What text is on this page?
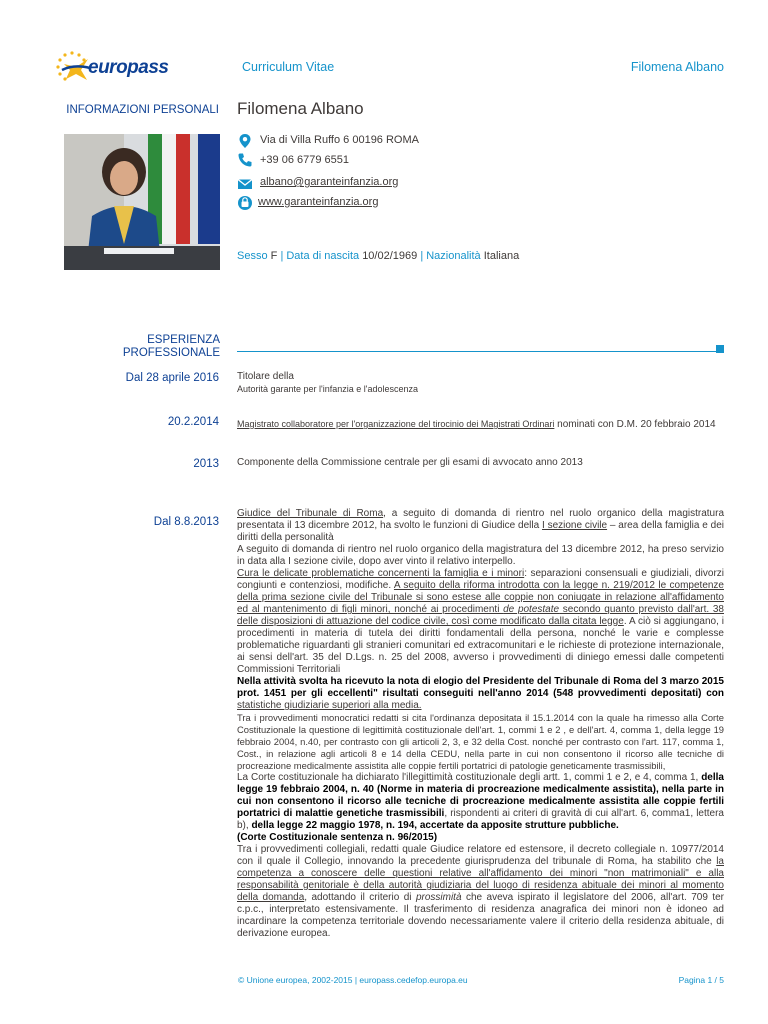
europass	Curriculum Vitae	Filomena Albano
INFORMAZIONI PERSONALI Filomena Albano
Via di Villa Ruffo 6 00196 ROMA
+39 06 6779 6551
albano@garanteinfanzia.org
www.garanteinfanzia.org
Sesso F | Data di nascita 10/02/1969 | Nazionalità Italiana
ESPERIENZA
PROFESSIONALE
Dal 28 aprile 2016 Titolare della
Autorità garante per l'infanzia e l'adolescenza
20.2.2014 Magistrato collaboratore per l'organizzazione del tirocinio dei Magistrati Ordinari nominati con D.M. 20 febbraio 2014
2013 Componente della Commissione centrale per gli esami di avvocato anno 2013
Dal 8.8.2013
Giudice del Tribunale di Roma, a seguito di domanda di rientro nel ruolo organico della magistratura presentata il 13 dicembre 2012, ha svolto le funzioni di Giudice della I sezione civile – area della famiglia e dei diritti della personalità
A seguito di domanda di rientro nel ruolo organico della magistratura del 13 dicembre 2012, ha preso servizio in data alla I sezione civile, dopo aver vinto il relativo interpello.
Cura le delicate problematiche concernenti la famiglia e i minori: separazioni consensuali e giudiziali, divorzi congiunti e contenziosi, modifiche. A seguito della riforma introdotta con la legge n. 219/2012 le competenze della prima sezione civile del Tribunale si sono estese alle coppie non coniugate in relazione all'affidamento ed al mantenimento di figli minori, nonché ai procedimenti de potestate secondo quanto previsto dall'art. 38 delle disposizioni di attuazione del codice civile, così come modificato dalla citata legge. A ciò si aggiungano, i procedimenti in materia di tutela dei diritti fondamentali della persona, nonché le varie e complesse problematiche riguardanti gli stranieri comunitari ed extracomunitari e le richieste di protezione internazionale, ai sensi dell'art. 35 del D.Lgs. n. 25 del 2008, avverso i provvedimenti di diniego emessi dalle competenti Commissioni Territoriali
Nella attività svolta ha ricevuto la nota di elogio del Presidente del Tribunale di Roma del 3 marzo 2015 prot. 1451 per gli eccellenti" risultati conseguiti nell'anno 2014 (548 provvedimenti depositati) con statistiche giudiziarie superiori alla media.
Tra i provvedimenti monocratici redatti si cita l'ordinanza depositata il 15.1.2014 con la quale ha rimesso alla Corte Costituzionale la questione di legittimità costituzionale dell'art. 1, commi 1 e 2 , e dell'art. 4, comma 1, della legge 19 febbraio 2004, n.40, per contrasto con gli articoli 2, 3, e 32 della Cost. nonché per contrasto con l'art. 117, comma 1, Cost., in relazione agli articoli 8 e 14 della CEDU, nella parte in cui non consentono il ricorso alle tecniche di procreazione medicalmente assistita alle coppie fertili portatrici di patologie geneticamente trasmissibili,
La Corte costituzionale ha dichiarato l'illegittimità costituzionale degli artt. 1, commi 1 e 2, e 4, comma 1, della legge 19 febbraio 2004, n. 40 (Norme in materia di procreazione medicalmente assistita), nella parte in cui non consentono il ricorso alle tecniche di procreazione medicalmente assistita alle coppie fertili portatrici di malattie genetiche trasmissibili, rispondenti ai criteri di gravità di cui all'art. 6, comma1, lettera b), della legge 22 maggio 1978, n. 194, accertate da apposite strutture pubbliche.
(Corte Costituzionale sentenza n. 96/2015)
Tra i provvedimenti collegiali, redatti quale Giudice relatore ed estensore, il decreto collegiale n. 10977/2014 con il quale il Collegio, innovando la precedente giurisprudenza del tribunale di Roma, ha stabilito che la competenza a conoscere delle questioni relative all'affidamento dei minori "non matrimoniali" e alla responsabilità genitoriale è della autorità giudiziaria del luogo di residenza abituale dei minori al momento della domanda, adottando il criterio di prossimità che aveva ispirato il legislatore del 2006, all'art. 709 ter c.p.c., interpretato estensivamente. Il trasferimento di residenza anagrafica dei minori non è idoneo ad incardinare la competenza territoriale dovendo necessariamente valere il criterio della residenza abituale, di derivazione europea.
© Unione europea, 2002-2015 | europass.cedefop.europa.eu	Pagina 1 / 5
